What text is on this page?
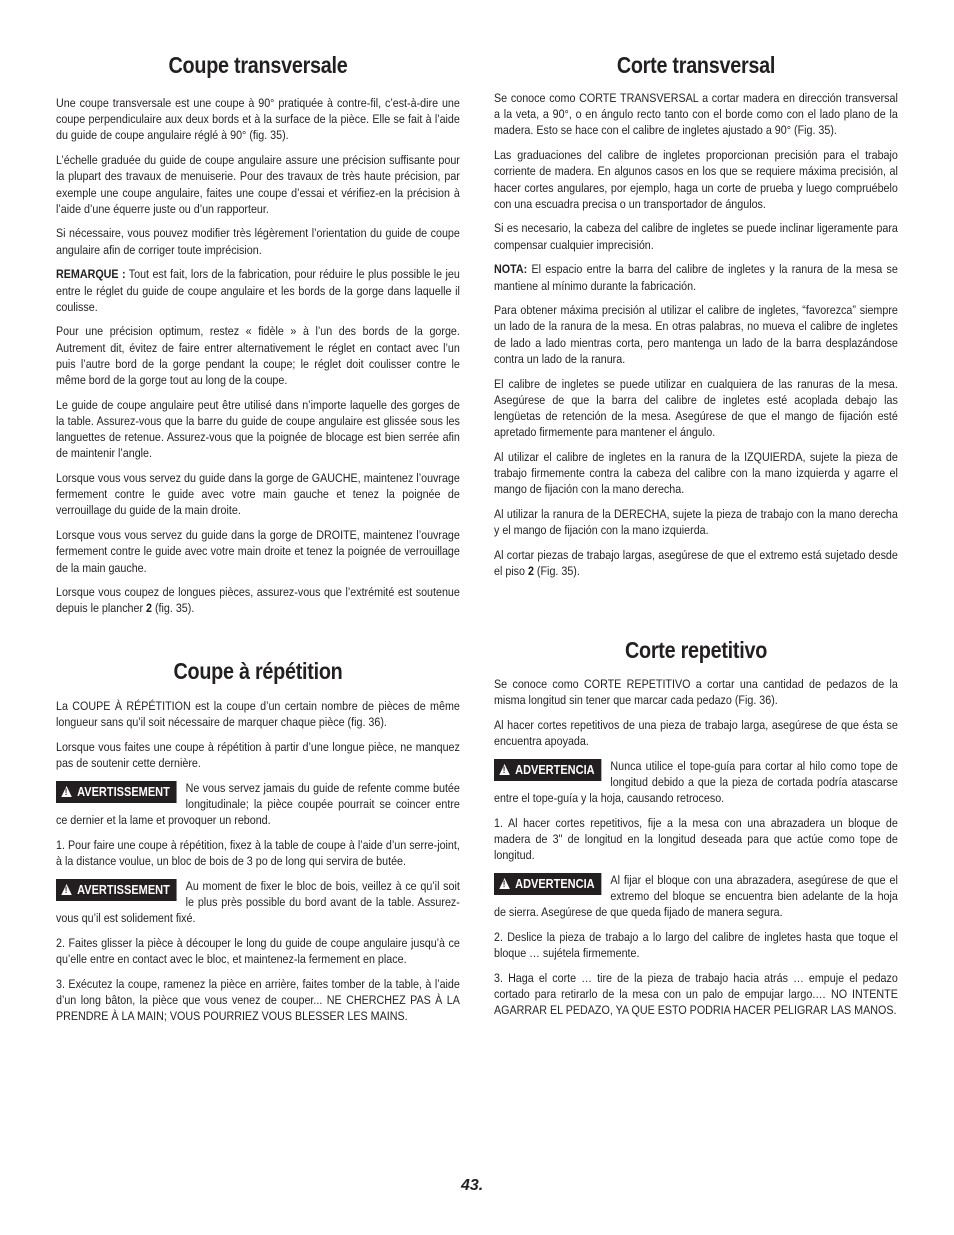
Coupe transversale

Une coupe transversale est une coupe à 90° pratiquée à contre-fil, c’est-à-dire une coupe perpendiculaire aux deux bords et à la surface de la pièce. Elle se fait à l’aide du guide de coupe angulaire réglé à 90° (fig. 35).

L’échelle graduée du guide de coupe angulaire assure une précision suffisante pour la plupart des travaux de menuiserie. Pour des travaux de très haute précision, par exemple une coupe angulaire, faites une coupe d’essai et vérifiez-en la précision à l’aide d’une équerre juste ou d’un rapporteur.

Si nécessaire, vous pouvez modifier très légèrement l’orientation du guide de coupe angulaire afin de corriger toute imprécision.

REMARQUE : Tout est fait, lors de la fabrication, pour réduire le plus possible le jeu entre le réglet du guide de coupe angulaire et les bords de la gorge dans laquelle il coulisse.

Pour une précision optimum, restez « fidèle » à l’un des bords de la gorge. Autrement dit, évitez de faire entrer alternativement le réglet en contact avec l’un puis l’autre bord de la gorge pendant la coupe; le réglet doit coulisser contre le même bord de la gorge tout au long de la coupe.

Le guide de coupe angulaire peut être utilisé dans n’importe laquelle des gorges de la table. Assurez-vous que la barre du guide de coupe angulaire est glissée sous les languettes de retenue. Assurez-vous que la poignée de blocage est bien serrée afin de maintenir l’angle.

Lorsque vous vous servez du guide dans la gorge de GAUCHE, maintenez l’ouvrage fermement contre le guide avec votre main gauche et tenez la poignée de verrouillage du guide de la main droite.

Lorsque vous vous servez du guide dans la gorge de DROITE, maintenez l’ouvrage fermement contre le guide avec votre main droite et tenez la poignée de verrouillage de la main gauche.

Lorsque vous coupez de longues pièces, assurez-vous que l’extrémité est soutenue depuis le plancher 2 (fig. 35).

Coupe à répétition

La COUPE À RÉPÉTITION est la coupe d’un certain nombre de pièces de même longueur sans qu’il soit nécessaire de marquer chaque pièce (fig. 36).

Lorsque vous faites une coupe à répétition à partir d’une longue pièce, ne manquez pas de soutenir cette dernière.

!AVERTISSEMENT	Ne vous servez jamais du guide de refente comme butée longitudinale; la pièce coupée pourrait se coincer entre ce dernier et la lame et provoquer un rebond.

1. Pour faire une coupe à répétition, fixez à la table de coupe à l’aide d’un serre-joint, à la distance voulue, un bloc de bois de 3 po de long qui servira de butée.

!AVERTISSEMENT	Au moment de fixer le bloc de bois, veillez à ce qu’il soit le plus près possible du bord avant de la table. Assurez-vous qu’il est solidement fixé.

2. Faites glisser la pièce à découper le long du guide de coupe angulaire jusqu’à ce qu’elle entre en contact avec le bloc, et maintenez-la fermement en place.

3. Exécutez la coupe, ramenez la pièce en arrière, faites tomber de la table, à l’aide d’un long bâton, la pièce que vous venez de couper... NE CHERCHEZ PAS À LA PRENDRE À LA MAIN; VOUS POURRIEZ VOUS BLESSER LES MAINS.

Corte transversal

Se conoce como CORTE TRANSVERSAL a cortar madera en dirección transversal a la veta, a 90°, o en ángulo recto tanto con el borde como con el lado plano de la madera. Esto se hace con el calibre de ingletes ajustado a 90° (Fig. 35).

Las graduaciones del calibre de ingletes proporcionan precisión para el trabajo corriente de madera. En algunos casos en los que se requiere máxima precisión, al hacer cortes angulares, por ejemplo, haga un corte de prueba y luego compruébelo con una escuadra precisa o un transportador de ángulos.

Si es necesario, la cabeza del calibre de ingletes se puede inclinar ligeramente para compensar cualquier imprecisión.

NOTA: El espacio entre la barra del calibre de ingletes y la ranura de la mesa se mantiene al mínimo durante la fabricación.

Para obtener máxima precisión al utilizar el calibre de ingletes, “favorezca” siempre un lado de la ranura de la mesa. En otras palabras, no mueva el calibre de ingletes de lado a lado mientras corta, pero mantenga un lado de la barra desplazándose contra un lado de la ranura.

El calibre de ingletes se puede utilizar en cualquiera de las ranuras de la mesa. Asegúrese de que la barra del calibre de ingletes esté acoplada debajo las lengüetas de retención de la mesa. Asegúrese de que el mango de fijación esté apretado firmemente para mantener el ángulo.

Al utilizar el calibre de ingletes en la ranura de la IZQUIERDA, sujete la pieza de trabajo firmemente contra la cabeza del calibre con la mano izquierda y agarre el mango de fijación con la mano derecha.

Al utilizar la ranura de la DERECHA, sujete la pieza de trabajo con la mano derecha y el mango de fijación con la mano izquierda.

Al cortar piezas de trabajo largas, asegúrese de que el extremo está sujetado desde el piso 2 (Fig. 35).

Corte repetitivo

Se conoce como CORTE REPETITIVO a cortar una cantidad de pedazos de la misma longitud sin tener que marcar cada pedazo (Fig. 36).

Al hacer cortes repetitivos de una pieza de trabajo larga, asegúrese de que ésta se encuentra apoyada.

!ADVERTENCIA	Nunca utilice el tope-guía para cortar al hilo como tope de longitud debido a que la pieza de cortada podría atascarse entre el tope-guía y la hoja, causando retroceso.

1. Al hacer cortes repetitivos, fije a la mesa con una abrazadera un bloque de madera de 3" de longitud en la longitud deseada para que actúe como tope de longitud.

!ADVERTENCIA	Al fijar el bloque con una abrazadera, asegúrese de que el extremo del bloque se encuentra bien adelante de la hoja de sierra. Asegúrese de que queda fijado de manera segura.

2. Deslice la pieza de trabajo a lo largo del calibre de ingletes hasta que toque el bloque … sujétela firmemente.

3. Haga el corte … tire de la pieza de trabajo hacia atrás … empuje el pedazo cortado para retirarlo de la mesa con un palo de empujar largo.… NO INTENTE AGARRAR EL PEDAZO, YA QUE ESTO PODRIA HACER PELIGRAR LAS MANOS.

43.
